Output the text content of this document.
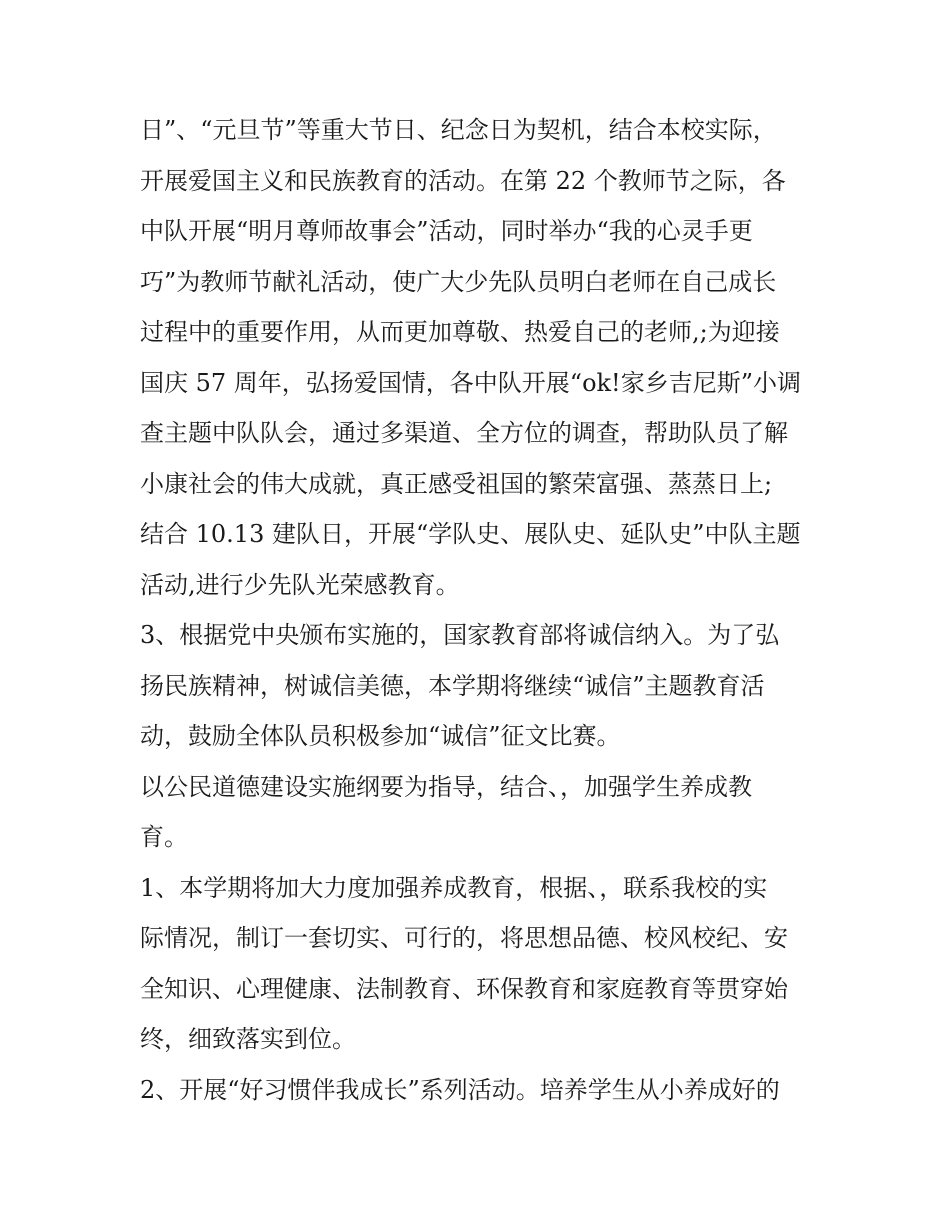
日”、“元旦节”等重大节日、纪念日为契机，结合本校实际，
开展爱国主义和民族教育的活动。在第 22 个教师节之际，各
中队开展“明月尊师故事会”活动，同时举办“我的心灵手更
巧”为教师节献礼活动，使广大少先队员明白老师在自己成长
过程中的重要作用，从而更加尊敬、热爱自己的老师,;为迎接
国庆 57 周年，弘扬爱国情，各中队开展“ok!家乡吉尼斯”小调
查主题中队队会，通过多渠道、全方位的调查，帮助队员了解
小康社会的伟大成就，真正感受祖国的繁荣富强、蒸蒸日上;
结合 10.13 建队日，开展“学队史、展队史、延队史”中队主题
活动,进行少先队光荣感教育。
3、根据党中央颁布实施的，国家教育部将诚信纳入。为了弘
扬民族精神，树诚信美德，本学期将继续“诚信”主题教育活
动，鼓励全体队员积极参加“诚信”征文比赛。
以公民道德建设实施纲要为指导，结合、，加强学生养成教
育。
1、本学期将加大力度加强养成教育，根据、，联系我校的实
际情况，制订一套切实、可行的，将思想品德、校风校纪、安
全知识、心理健康、法制教育、环保教育和家庭教育等贯穿始
终，细致落实到位。
2、开展“好习惯伴我成长”系列活动。培养学生从小养成好的
